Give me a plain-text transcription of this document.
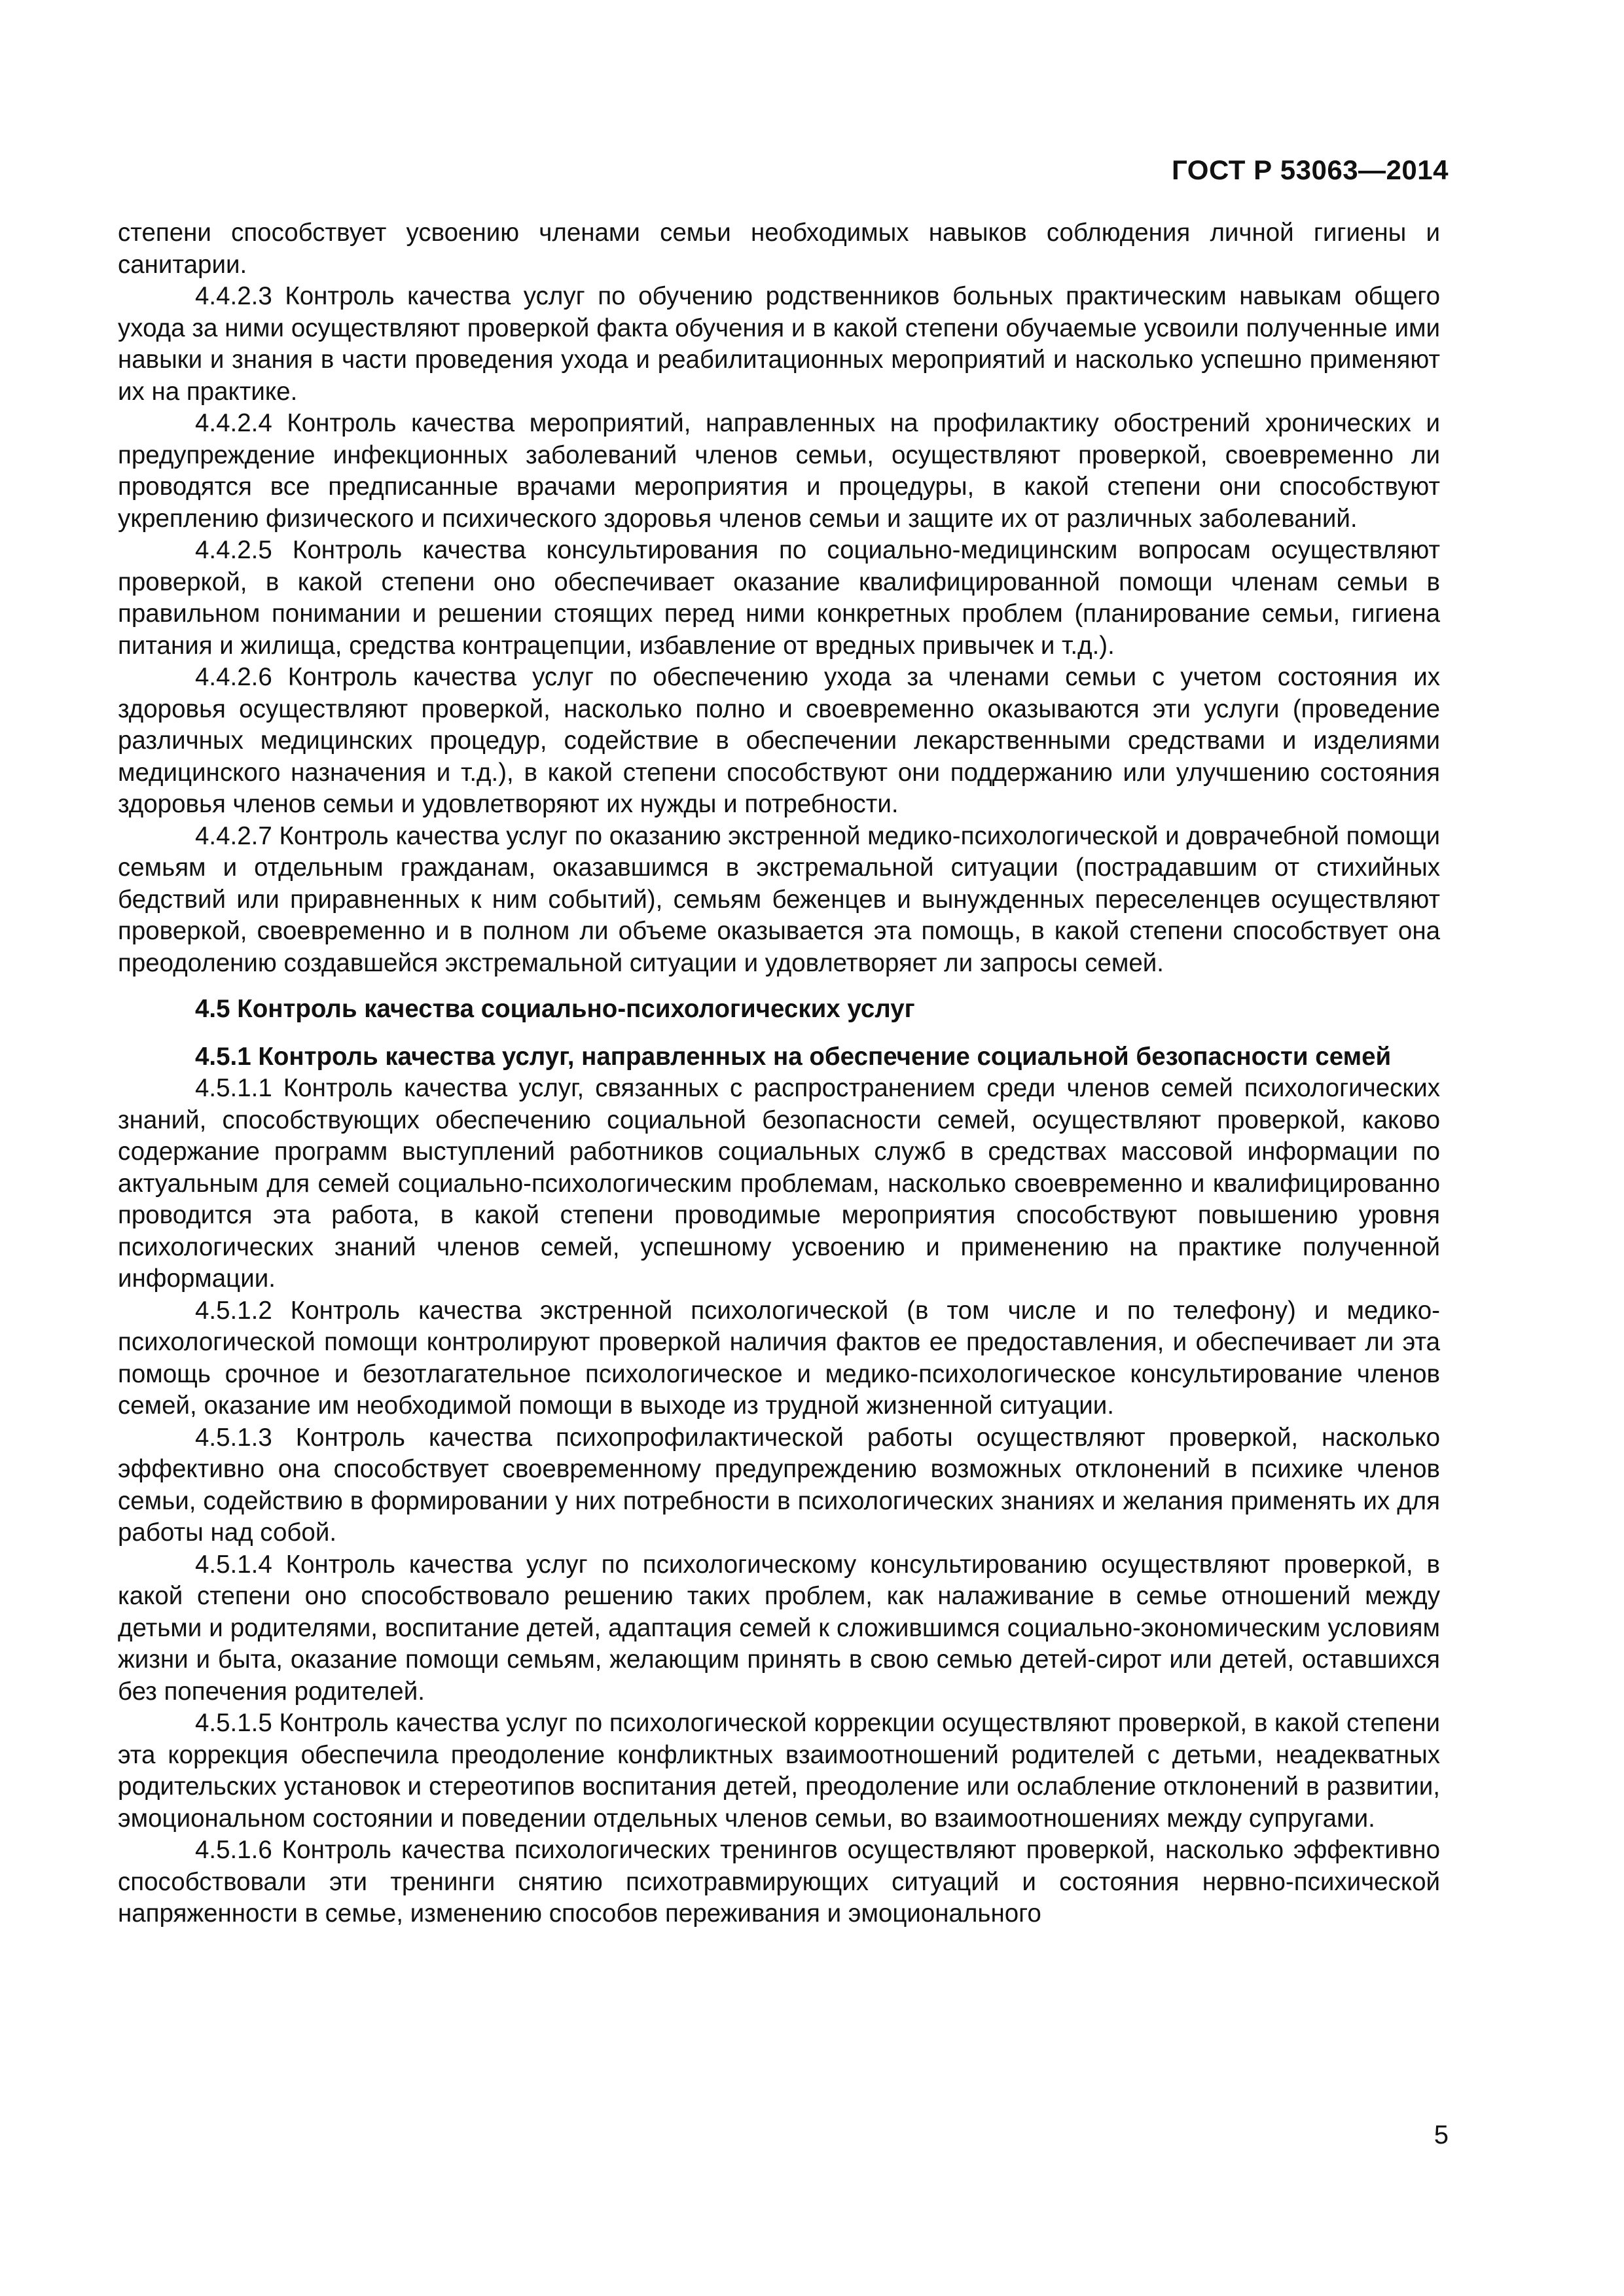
ГОСТ Р 53063—2014

степени способствует усвоению членами семьи необходимых навыков соблюдения личной гигиены и санитарии.

4.4.2.3 Контроль качества услуг по обучению родственников больных практическим навыкам общего ухода за ними осуществляют проверкой факта обучения и в какой степени обучаемые усвоили полученные ими навыки и знания в части проведения ухода и реабилитационных мероприятий и насколько успешно применяют их на практике.

4.4.2.4 Контроль качества мероприятий, направленных на профилактику обострений хронических и предупреждение инфекционных заболеваний членов семьи, осуществляют проверкой, своевременно ли проводятся все предписанные врачами мероприятия и процедуры, в какой степени они способствуют укреплению физического и психического здоровья членов семьи и защите их от различных заболеваний.

4.4.2.5 Контроль качества консультирования по социально-медицинским вопросам осуществляют проверкой, в какой степени оно обеспечивает оказание квалифицированной помощи членам семьи в правильном понимании и решении стоящих перед ними конкретных проблем (планирование семьи, гигиена питания и жилища, средства контрацепции, избавление от вредных привычек и т.д.).

4.4.2.6 Контроль качества услуг по обеспечению ухода за членами семьи с учетом состояния их здоровья осуществляют проверкой, насколько полно и своевременно оказываются эти услуги (проведение различных медицинских процедур, содействие в обеспечении лекарственными средствами и изделиями медицинского назначения и т.д.), в какой степени способствуют они поддержанию или улучшению состояния здоровья членов семьи и удовлетворяют их нужды и потребности.

4.4.2.7 Контроль качества услуг по оказанию экстренной медико-психологической и доврачебной помощи семьям и отдельным гражданам, оказавшимся в экстремальной ситуации (пострадавшим от стихийных бедствий или приравненных к ним событий), семьям беженцев и вынужденных переселенцев осуществляют проверкой, своевременно и в полном ли объеме оказывается эта помощь, в какой степени способствует она преодолению создавшейся экстремальной ситуации и удовлетворяет ли запросы семей.

4.5 Контроль качества социально-психологических услуг
4.5.1 Контроль качества услуг, направленных на обеспечение социальной безопасности семей

4.5.1.1 Контроль качества услуг, связанных с распространением среди членов семей психологических знаний, способствующих обеспечению социальной безопасности семей, осуществляют проверкой, каково содержание программ выступлений работников социальных служб в средствах массовой информации по актуальным для семей социально-психологическим проблемам, насколько своевременно и квалифицированно проводится эта работа, в какой степени проводимые мероприятия способствуют повышению уровня психологических знаний членов семей, успешному усвоению и применению на практике полученной информации.

4.5.1.2 Контроль качества экстренной психологической (в том числе и по телефону) и медико-психологической помощи контролируют проверкой наличия фактов ее предоставления, и обеспечивает ли эта помощь срочное и безотлагательное психологическое и медико-психологическое консультирование членов семей, оказание им необходимой помощи в выходе из трудной жизненной ситуации.

4.5.1.3 Контроль качества психопрофилактической работы осуществляют проверкой, насколько эффективно она способствует своевременному предупреждению возможных отклонений в психике членов семьи, содействию в формировании у них потребности в психологических знаниях и желания применять их для работы над собой.

4.5.1.4 Контроль качества услуг по психологическому консультированию осуществляют проверкой, в какой степени оно способствовало решению таких проблем, как налаживание в семье отношений между детьми и родителями, воспитание детей, адаптация семей к сложившимся социально-экономическим условиям жизни и быта, оказание помощи семьям, желающим принять в свою семью детей-сирот или детей, оставшихся без попечения родителей.

4.5.1.5 Контроль качества услуг по психологической коррекции осуществляют проверкой, в какой степени эта коррекция обеспечила преодоление конфликтных взаимоотношений родителей с детьми, неадекватных родительских установок и стереотипов воспитания детей, преодоление или ослабление отклонений в развитии, эмоциональном состоянии и поведении отдельных членов семьи, во взаимоотношениях между супругами.

4.5.1.6 Контроль качества психологических тренингов осуществляют проверкой, насколько эффективно способствовали эти тренинги снятию психотравмирующих ситуаций и состояния нервно-психической напряженности в семье, изменению способов переживания и эмоционального

5
